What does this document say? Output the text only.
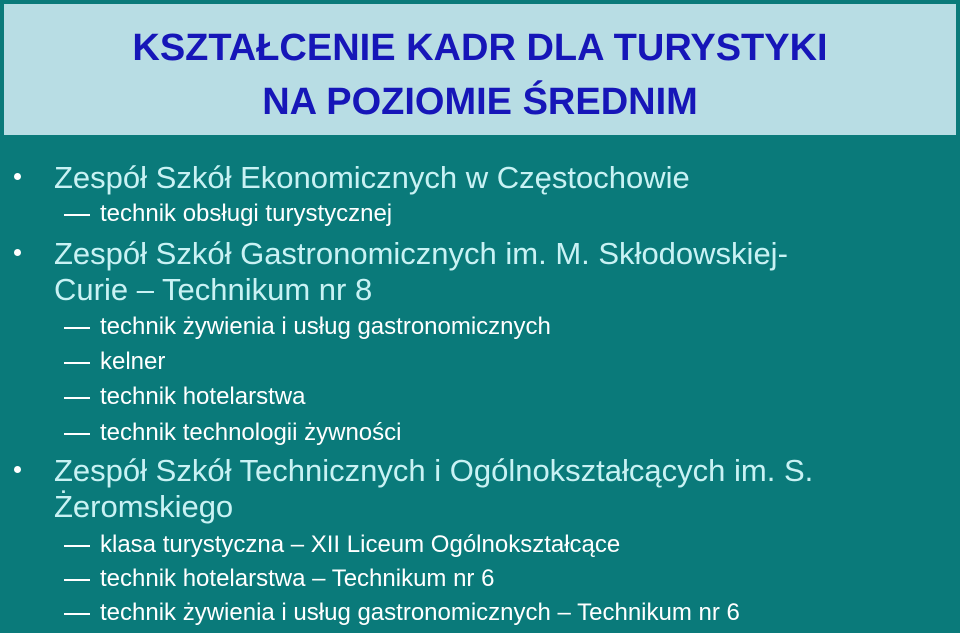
KSZTAŁCENIE KADR DLA TURYSTYKI
NA POZIOMIE ŚREDNIM
Zespół Szkół Ekonomicznych w Częstochowie
technik obsługi turystycznej
Zespół Szkół Gastronomicznych im. M. Skłodowskiej-
Curie – Technikum nr 8
technik żywienia i usług gastronomicznych
kelner
technik hotelarstwa
technik technologii żywności
Zespół Szkół Technicznych i Ogólnokształcących im. S.
Żeromskiego
klasa turystyczna – XII Liceum Ogólnokształcące
technik hotelarstwa – Technikum nr 6
technik żywienia i usług gastronomicznych – Technikum nr 6
